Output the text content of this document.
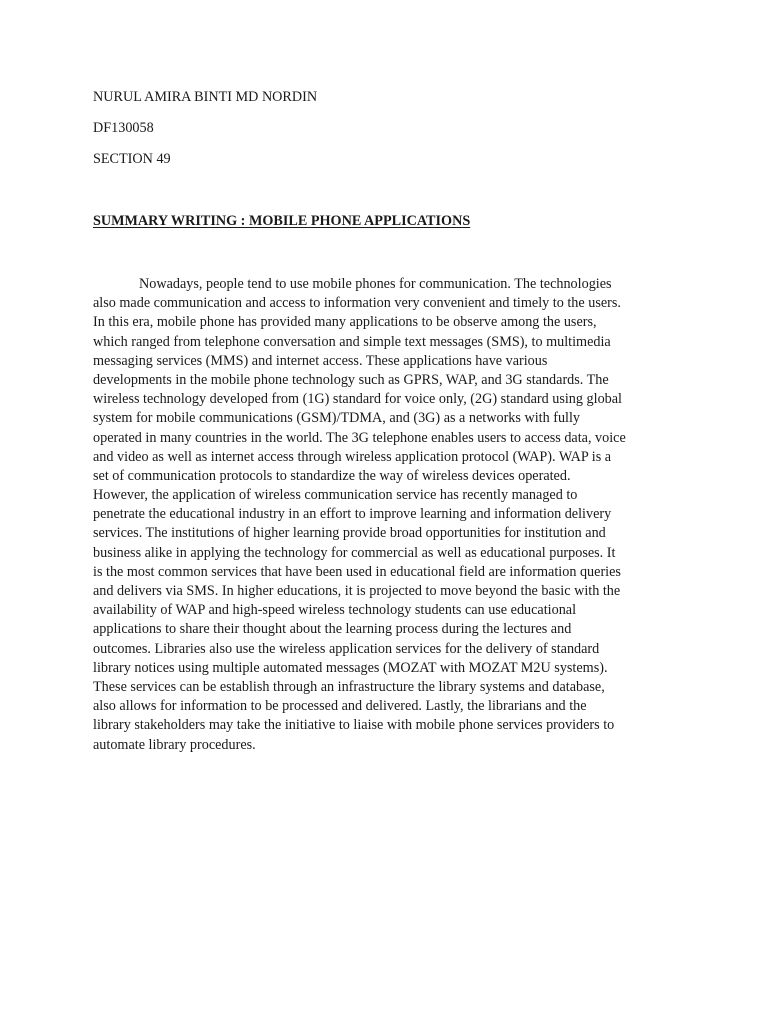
NURUL AMIRA BINTI MD NORDIN
DF130058
SECTION 49
SUMMARY WRITING : MOBILE PHONE APPLICATIONS
Nowadays, people tend to use mobile phones for communication. The technologies
also made communication and access to information very convenient and timely to the users.
In this era, mobile phone has provided many applications to be observe among the users,
which ranged from telephone conversation and simple text messages (SMS), to multimedia
messaging services (MMS) and internet access. These applications have various
developments in the mobile phone technology such as GPRS, WAP, and 3G standards. The
wireless technology developed from (1G) standard for voice only, (2G) standard using global
system for mobile communications (GSM)/TDMA, and (3G) as a networks with fully
operated in many countries in the world. The 3G telephone enables users to access data, voice
and video as well as internet access through wireless application protocol (WAP). WAP is a
set of communication protocols to standardize the way of wireless devices operated.
However, the application of wireless communication service has recently managed to
penetrate the educational industry in an effort to improve learning and information delivery
services. The institutions of higher learning provide broad opportunities for institution and
business alike in applying the technology for commercial as well as educational purposes. It
is the most common services that have been used in educational field are information queries
and delivers via SMS. In higher educations, it is projected to move beyond the basic with the
availability of WAP and high-speed wireless technology students can use educational
applications to share their thought about the learning process during the lectures and
outcomes. Libraries also use the wireless application services for the delivery of standard
library notices using multiple automated messages (MOZAT with MOZAT M2U systems).
These services can be establish through an infrastructure the library systems and database,
also allows for information to be processed and delivered. Lastly, the librarians and the
library stakeholders may take the initiative to liaise with mobile phone services providers to
automate library procedures.
